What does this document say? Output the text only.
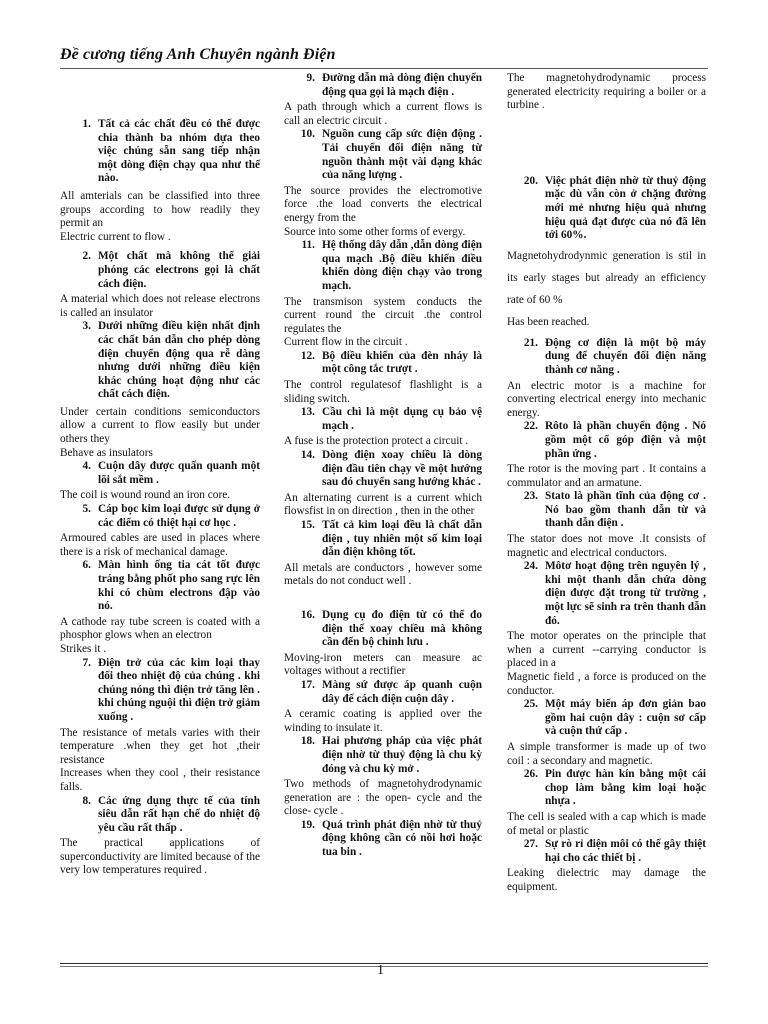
Đề cương tiếng Anh Chuyên ngành Điện
1. Tất cả các chất đều có thể được chia thành ba nhóm dựa theo việc chúng sẵn sang tiếp nhận một dòng điện chạy qua như thế nào.
All amterials can be classified into three groups according to how readily they permit an
Electric current to flow .
2. Một chất mà không thể giải phóng các electrons gọi là chất cách điện.
A material which does not release electrons is called an insulator
3. Dưới những điều kiện nhất định các chất bán dẫn cho phép dòng điện chuyển động qua rễ dàng nhưng dưới những điều kiện khác chúng hoạt động như các chất cách điện.
Under certain conditions semiconductors allow a current to flow easily but under others they
Behave as insulators
4. Cuộn dây được quấn quanh một lõi sắt mềm .
The coil is wound round an iron core.
5. Cáp bọc kim loại được sử dụng ở các điểm có thiệt hại cơ học .
Armoured cables are used in places where there is a risk of mechanical damage.
6. Màn hình ống tia cát tốt được tráng bằng phốt pho sang rực lên khi có chùm electrons đập vào nó.
A cathode ray tube screen is coated with a phosphor glows when an electron
Strikes it .
7. Điện trở của các kim loại thay đổi theo nhiệt độ của chúng . khi chúng nóng thì điện trở tăng lên . khi chúng nguội thì điện trở giảm xuống .
The resistance of metals varies with their temperature .when they get hot ,their resistance
Increases when they cool , their resistance falls.
8. Các ứng dụng thực tế của tính siêu dẫn rất hạn chế do nhiệt độ yêu cầu rất thấp .
The practical applications of superconductivity are limited because of the very low temperatures required .
9. Đường dẫn mà dòng điện chuyển động qua gọi là mạch điện .
A path through which a current flows is call an electric circuit .
10. Nguồn cung cấp sức điện động . Tải chuyển đổi điện năng từ nguồn thành một vài dạng khác của năng lượng .
The source provides the electromotive force .the load converts the electrical energy from the
Source into some other forms of evergy.
11. Hệ thống dây dẫn ,dẫn dòng điện qua mạch .Bộ điều khiển điều khiển dòng điện chạy vào trong mạch.
The transmison system conducts the current round the circuit .the control regulates the
Current flow in the circuit .
12. Bộ điều khiển của đèn nháy là một công tắc trượt .
The control regulatesof flashlight is a sliding switch.
13. Cầu chì là một dụng cụ bảo vệ mạch .
A fuse is the protection protect a circuit .
14. Dòng điện xoay chiều là dòng điện đầu tiên chạy về một hướng sau đó chuyển sang hướng khác .
An alternating current is a current which flowsfist in on direction , then in the other
15. Tất cả kim loại đều là chất dẫn điện , tuy nhiên một số kim loại dẫn điện không tốt.
All metals are conductors , however some metals do not conduct well .
16. Dụng cụ đo điện từ có thể đo điện thế xoay chiều mà không cần đến bộ chỉnh lưu .
Moving-iron meters can measure ac voltages without a rectifier
17. Màng sứ được áp quanh cuộn dây để cách điện cuộn dây .
A ceramic coating is applied over the winding to insulate it.
18. Hai phương pháp của việc phát điện nhờ từ thuỷ động là chu kỳ đóng và chu kỳ mở .
Two methods of magnetohydrodynamic generation are : the open- cycle and the close- cycle .
19. Quá trình phát điện nhờ từ thuỷ động không cần có nồi hơi hoặc tua bin .
The magnetohydrodynamic process generated electricity requiring a boiler or a turbine .
20. Việc phát điện nhờ từ thuỷ động mặc dù vẫn còn ở chặng đường mới mẻ nhưng hiệu quả nhưng hiệu quả đạt được của nó đã lên tới 60%.
Magnetohydrodynmic generation is stil in its early stages but already an efficiency rate of 60 %
Has been reached.
21. Động cơ điện là một bộ máy dung để chuyển đổi điện năng thành cơ năng .
An electric motor is a machine for converting electrical energy into mechanic energy.
22. Rôto là phần chuyển động . Nó gồm một cổ góp điện và một phần ứng .
The rotor is the moving part . It contains a commulator and an armatune.
23. Stato là phần tĩnh của động cơ . Nó bao gồm thanh dẫn từ và thanh dẫn điện .
The stator does not move .It consists of magnetic and electrical conductors.
24. Môtơ hoạt động trên nguyên lý , khi một thanh dẫn chứa dòng điện được đặt trong từ trường , một lực sẽ sinh ra trên thanh dẫn đó.
The motor operates on the principle that when a current --carrying conductor is placed in a
Magnetic field , a force is produced on the conductor.
25. Một máy biến áp đơn giản bao gồm hai cuộn dây : cuộn sơ cấp và cuộn thứ cấp .
A simple transformer is made up of two coil : a secondary and magnetic.
26. Pin được hàn kín bằng một cái chop làm bằng kim loại hoặc nhựa .
The cell is sealed with a cap which is made of metal or plastic
27. Sự rò rỉ điện môi có thể gây thiệt hại cho các thiết bị .
Leaking dielectric may damage the equipment.
1
